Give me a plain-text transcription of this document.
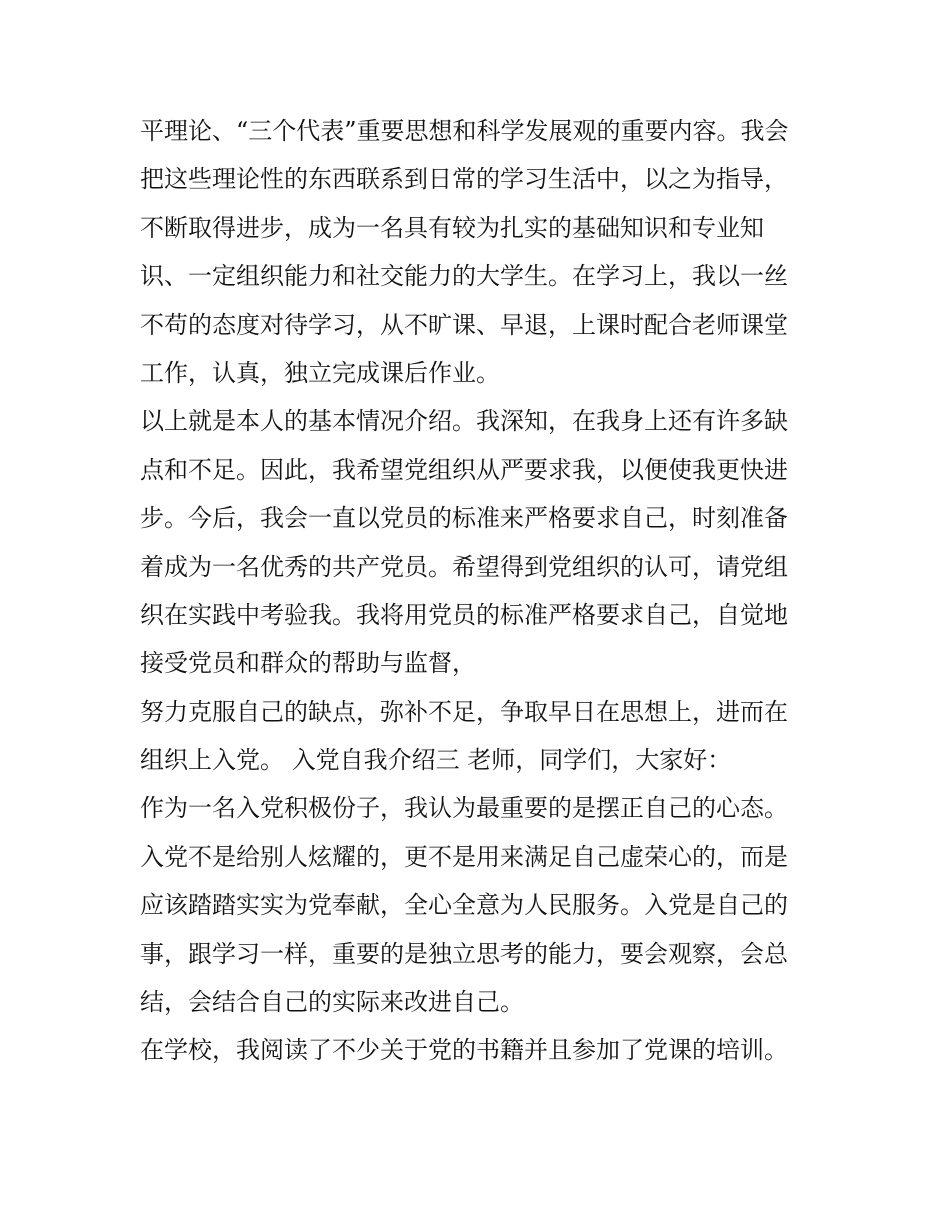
平理论、“三个代表”重要思想和科学发展观的重要内容。我会
把这些理论性的东西联系到日常的学习生活中，以之为指导，
不断取得进步，成为一名具有较为扎实的基础知识和专业知
识、一定组织能力和社交能力的大学生。在学习上，我以一丝
不苟的态度对待学习，从不旷课、早退，上课时配合老师课堂
工作，认真，独立完成课后作业。
以上就是本人的基本情况介绍。我深知，在我身上还有许多缺
点和不足。因此，我希望党组织从严要求我，以便使我更快进
步。今后，我会一直以党员的标准来严格要求自己，时刻准备
着成为一名优秀的共产党员。希望得到党组织的认可，请党组
织在实践中考验我。我将用党员的标准严格要求自己，自觉地
接受党员和群众的帮助与监督，
努力克服自己的缺点，弥补不足，争取早日在思想上，进而在
组织上入党。 入党自我介绍三 老师，同学们，大家好：
作为一名入党积极份子，我认为最重要的是摆正自己的心态。
入党不是给别人炫耀的，更不是用来满足自己虚荣心的，而是
应该踏踏实实为党奉献，全心全意为人民服务。入党是自己的
事，跟学习一样，重要的是独立思考的能力，要会观察，会总
结，会结合自己的实际来改进自己。
在学校，我阅读了不少关于党的书籍并且参加了党课的培训。
